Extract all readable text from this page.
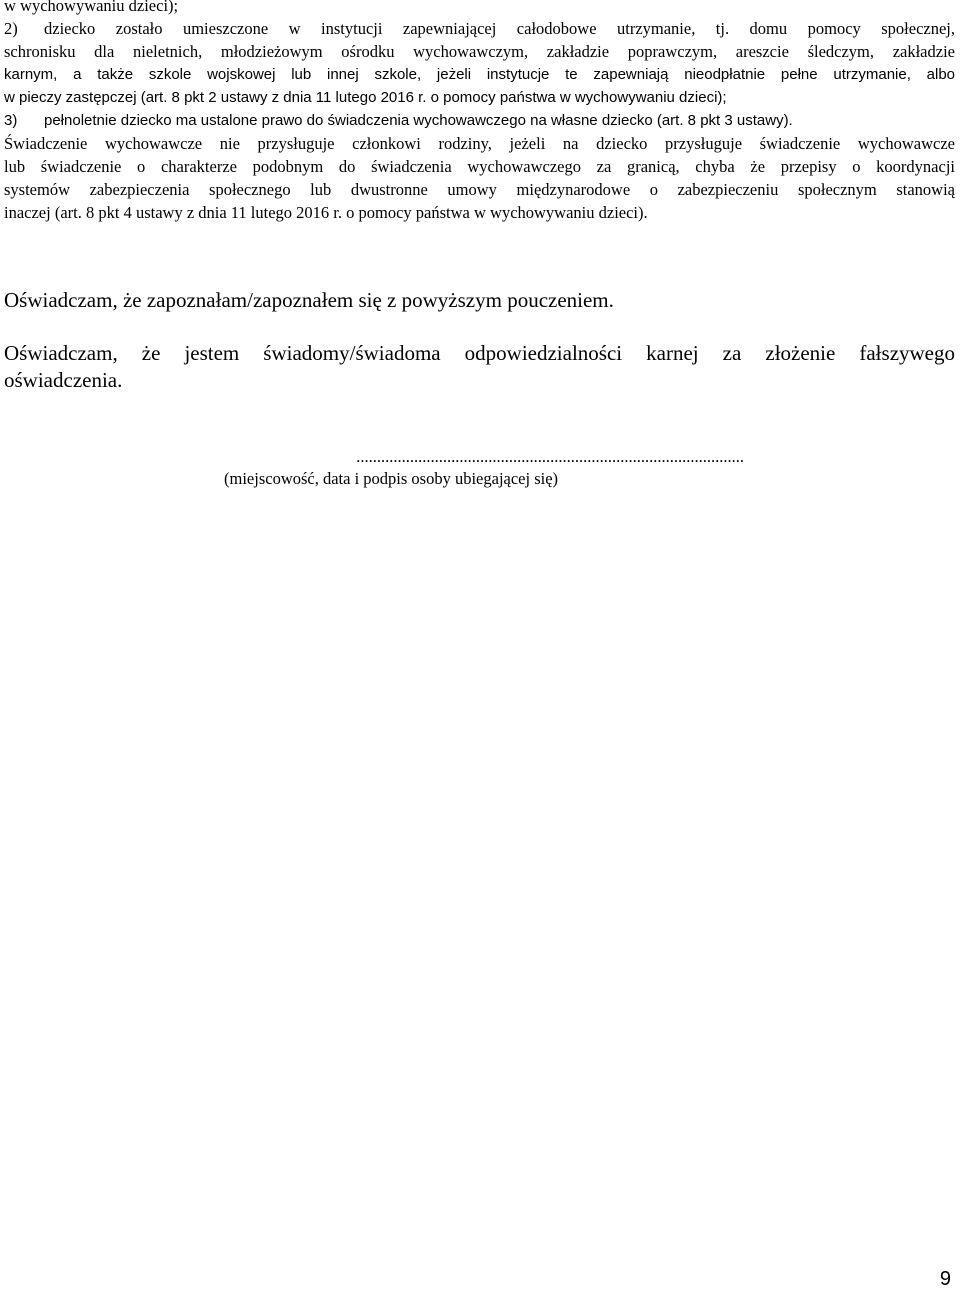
w wychowywaniu dzieci);
2)	dziecko zostało umieszczone w instytucji zapewniającej całodobowe utrzymanie, tj. domu pomocy społecznej,
schronisku dla nieletnich, młodzieżowym ośrodku wychowawczym, zakładzie poprawczym, areszcie śledczym, zakładzie
karnym, a także szkole wojskowej lub innej szkole, jeżeli instytucje te zapewniają nieodpłatnie pełne utrzymanie, albo
w pieczy zastępczej (art. 8 pkt 2 ustawy z dnia 11 lutego 2016 r. o pomocy państwa w wychowywaniu dzieci);
3)	pełnoletnie dziecko ma ustalone prawo do świadczenia wychowawczego na własne dziecko (art. 8 pkt 3 ustawy).
Świadczenie wychowawcze nie przysługuje członkowi rodziny, jeżeli na dziecko przysługuje świadczenie wychowawcze
lub świadczenie o charakterze podobnym do świadczenia wychowawczego za granicą, chyba że przepisy o koordynacji
systemów zabezpieczenia społecznego lub dwustronne umowy międzynarodowe o zabezpieczeniu społecznym stanowią
inaczej (art. 8 pkt 4 ustawy z dnia 11 lutego 2016 r. o pomocy państwa w wychowywaniu dzieci).

Oświadczam, że zapoznałam/zapoznałem się z powyższym pouczeniem.

Oświadczam, że jestem świadomy/świadoma odpowiedzialności karnej za złożenie fałszywego
oświadczenia.

..............................................................................................
(miejscowość, data i podpis osoby ubiegającej się)
9
